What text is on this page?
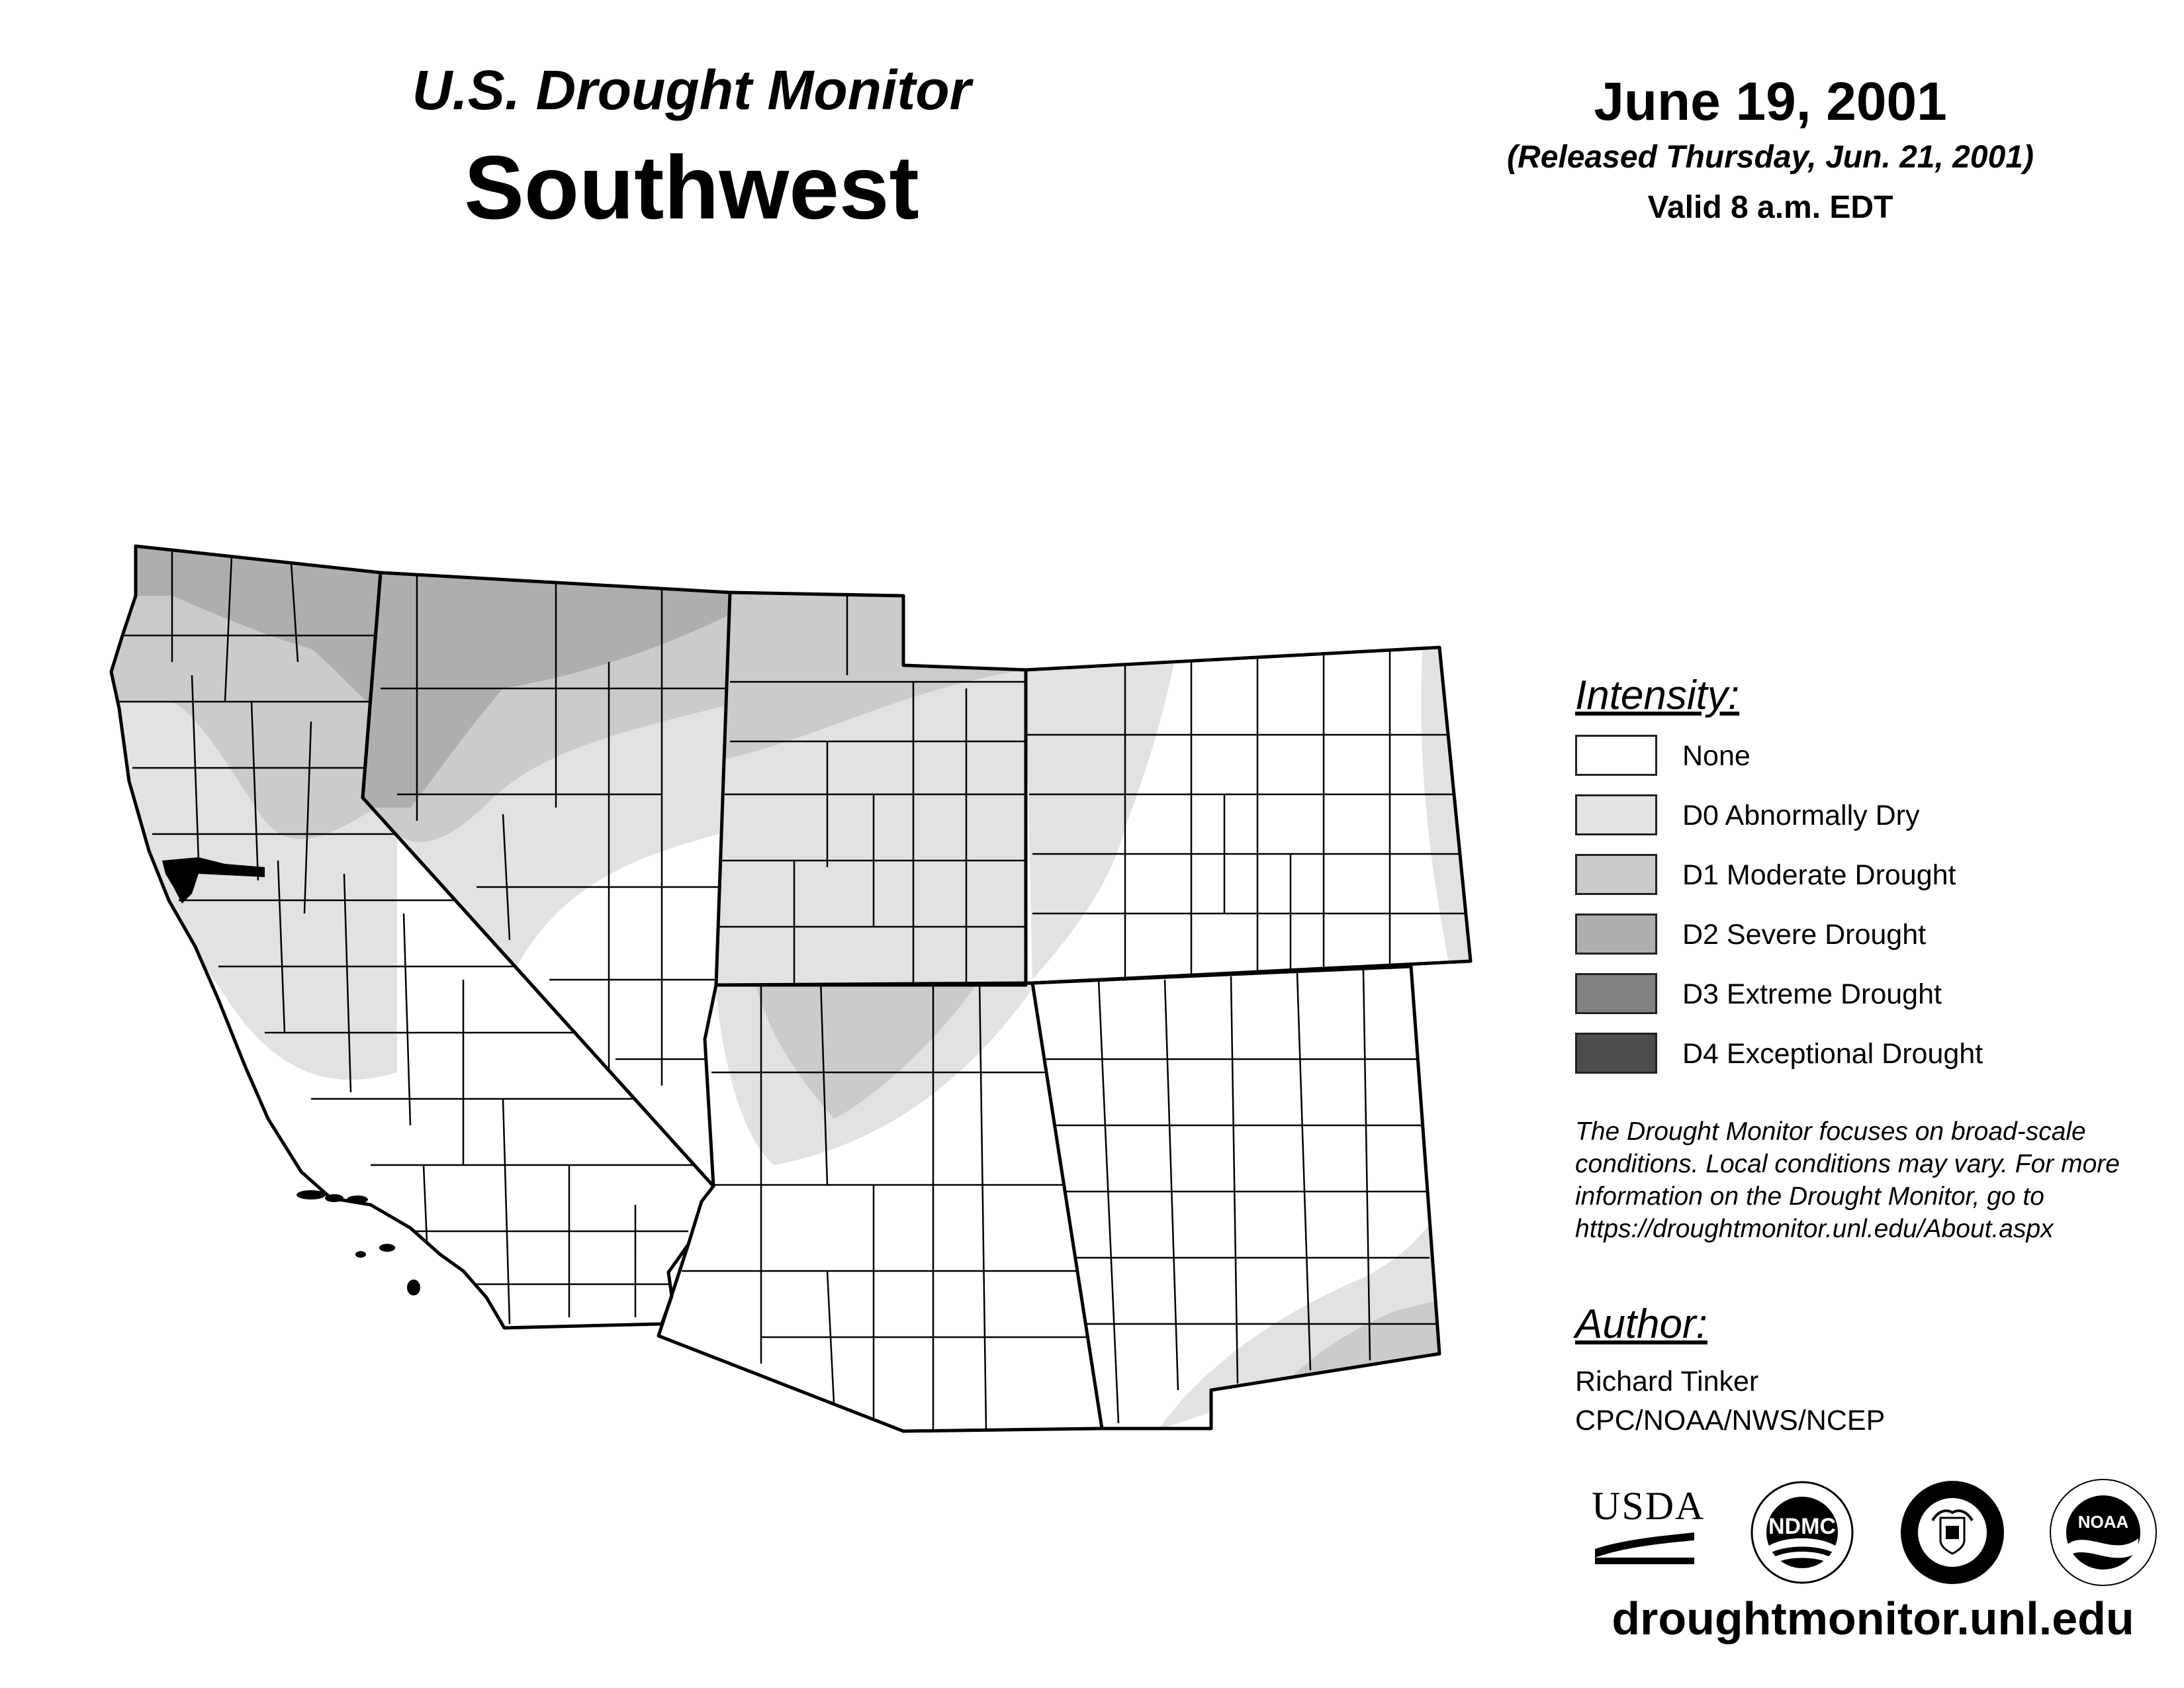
U.S. Drought Monitor
Southwest
June 19, 2001
(Released Thursday, Jun. 21, 2001)
Valid 8 a.m. EDT
Intensity:
None
D0 Abnormally Dry
D1 Moderate Drought
D2 Severe Drought
D3 Extreme Drought
D4 Exceptional Drought
The Drought Monitor focuses on broad-scale
conditions. Local conditions may vary. For more
information on the Drought Monitor, go to
https://droughtmonitor.unl.edu/About.aspx
Author:
Richard Tinker
CPC/NOAA/NWS/NCEP
USDA	NDMC	NOAA
droughtmonitor.unl.edu
